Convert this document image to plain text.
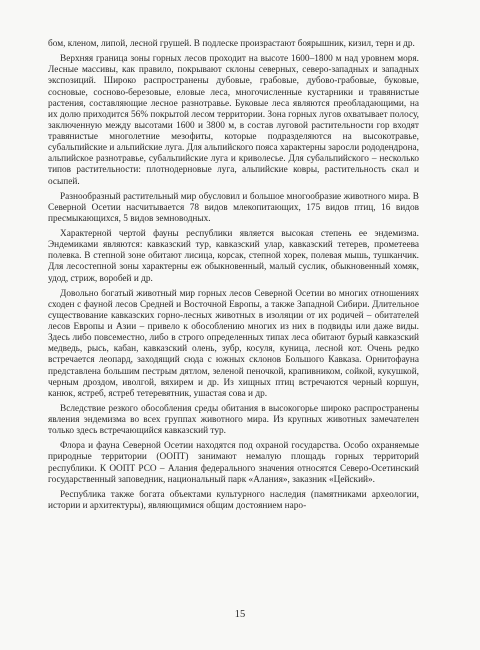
бом, кленом, липой, лесной грушей. В подлеске произрастают боярышник, кизил, терн и др.

Верхняя граница зоны горных лесов проходит на высоте 1600–1800 м над уровнем моря. Лесные массивы, как правило, покрывают склоны северных, северо-западных и западных экспозиций. Широко распространены дубовые, грабовые, дубово-грабовые, буковые, сосновые, сосново-березовые, еловые леса, многочисленные кустарники и травянистые растения, составляющие лесное разнотравье. Буковые леса являются преобладающими, на их долю приходится 56% покрытой лесом территории. Зона горных лугов охватывает полосу, заключенную между высотами 1600 и 3800 м, в состав луговой растительности гор входят травянистые многолетние мезофиты, которые подразделяются на высокотравье, субальпийские и альпийские луга. Для альпийского пояса характерны заросли рододендрона, альпийское разнотравье, субальпийские луга и криволесье. Для субальпийского – несколько типов растительности: плотнодерновые луга, альпийские ковры, растительность скал и осыпей.

Разнообразный растительный мир обусловил и большое многообразие животного мира. В Северной Осетии насчитывается 78 видов млекопитающих, 175 видов птиц, 16 видов пресмыкающихся, 5 видов земноводных.

Характерной чертой фауны республики является высокая степень ее эндемизма. Эндемиками являются: кавказский тур, кавказский улар, кавказский тетерев, прометеева полевка. В степной зоне обитают лисица, корсак, степной хорек, полевая мышь, тушканчик. Для лесостепной зоны характерны еж обыкновенный, малый суслик, обыкновенный хомяк, удод, стриж, воробей и др.

Довольно богатый животный мир горных лесов Северной Осетии во многих отношениях сходен с фауной лесов Средней и Восточной Европы, а также Западной Сибири. Длительное существование кавказских горно-лесных животных в изоляции от их родичей – обитателей лесов Европы и Азии – привело к обособлению многих из них в подвиды или даже виды. Здесь либо повсеместно, либо в строго определенных типах леса обитают бурый кавказский медведь, рысь, кабан, кавказский олень, зубр, косуля, куница, лесной кот. Очень редко встречается леопард, заходящий сюда с южных склонов Большого Кавказа. Орнитофауна представлена большим пестрым дятлом, зеленой пеночкой, крапивником, сойкой, кукушкой, черным дроздом, иволгой, вяхирем и др. Из хищных птиц встречаются черный коршун, канюк, ястреб, ястреб тетеревятник, ушастая сова и др.

Вследствие резкого обособления среды обитания в высокогорье широко распространены явления эндемизма во всех группах животного мира. Из крупных животных замечателен только здесь встречающийся кавказский тур.

Флора и фауна Северной Осетии находятся под охраной государства. Особо охраняемые природные территории (ООПТ) занимают немалую площадь горных территорий республики. К ООПТ РСО – Алания федерального значения относятся Северо-Осетинский государственный заповедник, национальный парк «Алания», заказник «Цейский».

Республика также богата объектами культурного наследия (памятниками археологии, истории и архитектуры), являющимися общим достоянием наро-

15
